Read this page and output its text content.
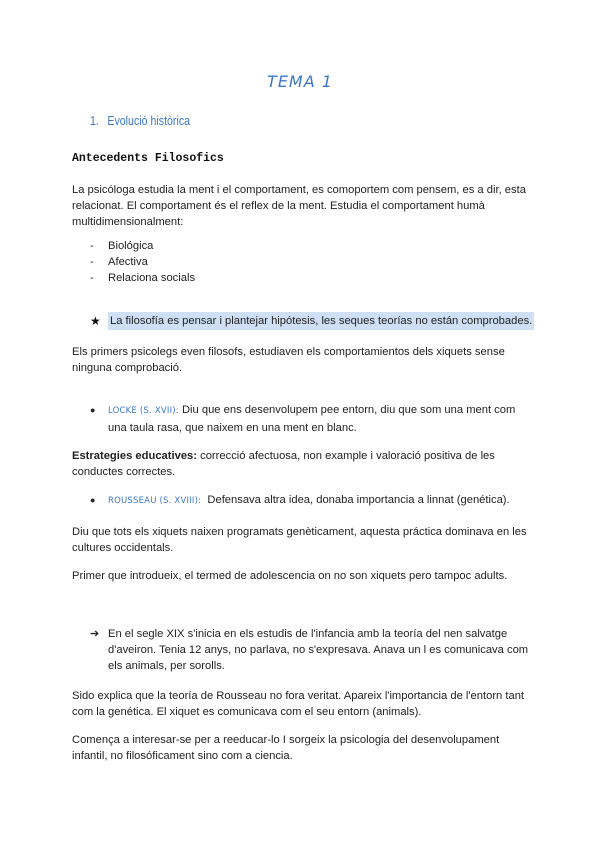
TEMA 1
1. Evolució històrica
Antecedents Filosofics
La psicóloga estudia la ment i el comportament, es comoportem com pensem, es a dir, esta relacionat. El comportament és el reflex de la ment. Estudia el comportament humà multidimensionalment:
-	Biológica
-	Afectiva
-	Relaciona socials
★ La filosofía es pensar i plantejar hipótesis, les seques teorías no están comprobades.
Els primers psicolegs even filosofs, estudiaven els comportamientos dels xiquets sense ninguna comprobació.
●	LOCKE (S. XVII): Diu que ens desenvolupem pee entorn, diu que som una ment com una taula rasa, que naixem en una ment en blanc.
Estrategies educatives: correcció afectuosa, non example i valoració positiva de les conductes correctes.
●	ROUSSEAU (S. XVIII): Defensava altra idea, donaba importancia a linnat (genética).
Diu que tots els xiquets naixen programats genèticament, aquesta práctica dominava en les cultures occidentals.
Primer que introdueix, el termed de adolescencia on no son xiquets pero tampoc adults.
➔ En el segle XIX s'inicia en els estudis de l'infancia amb la teoría del nen salvatge d'aveiron. Tenia 12 anys, no parlava, no s'expresava. Anava un l es comunicava com els animals, per sorolls.
Sido explica que la teoría de Rousseau no fora veritat. Apareix l'importancia de l'entorn tant com la genética. El xiquet es comunicava com el seu entorn (animals).
Comença a interesar-se per a reeducar-lo I sorgeix la psicologia del desenvolupament infantil, no filosóficament sino com a ciencia.
